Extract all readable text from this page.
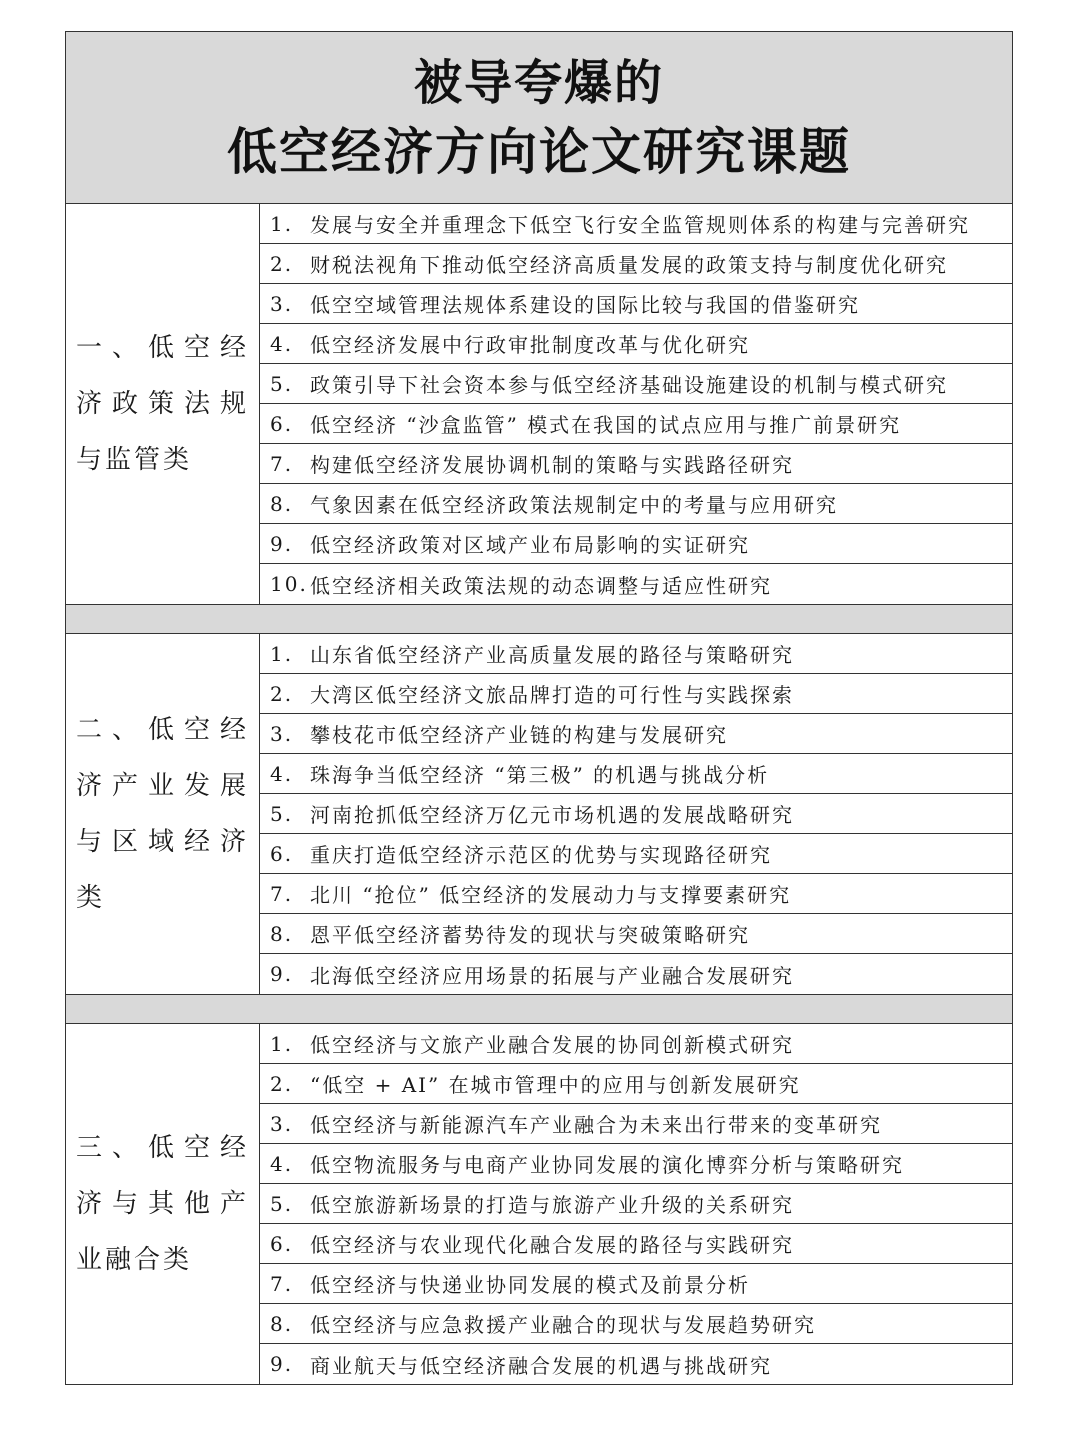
被导夸爆的
低空经济方向论文研究课题
一、低空经济政策法规与监管类
1. 发展与安全并重理念下低空飞行安全监管规则体系的构建与完善研究
2. 财税法视角下推动低空经济高质量发展的政策支持与制度优化研究
3. 低空空域管理法规体系建设的国际比较与我国的借鉴研究
4. 低空经济发展中行政审批制度改革与优化研究
5. 政策引导下社会资本参与低空经济基础设施建设的机制与模式研究
6. 低空经济 “沙盒监管” 模式在我国的试点应用与推广前景研究
7. 构建低空经济发展协调机制的策略与实践路径研究
8. 气象因素在低空经济政策法规制定中的考量与应用研究
9. 低空经济政策对区域产业布局影响的实证研究
10. 低空经济相关政策法规的动态调整与适应性研究
二、低空经济产业发展与区域经济类
1. 山东省低空经济产业高质量发展的路径与策略研究
2. 大湾区低空经济文旅品牌打造的可行性与实践探索
3. 攀枝花市低空经济产业链的构建与发展研究
4. 珠海争当低空经济 “第三极” 的机遇与挑战分析
5. 河南抢抓低空经济万亿元市场机遇的发展战略研究
6. 重庆打造低空经济示范区的优势与实现路径研究
7. 北川 “抢位” 低空经济的发展动力与支撑要素研究
8. 恩平低空经济蓄势待发的现状与突破策略研究
9. 北海低空经济应用场景的拓展与产业融合发展研究
三、低空经济与其他产业融合类
1. 低空经济与文旅产业融合发展的协同创新模式研究
2. “低空 + AI” 在城市管理中的应用与创新发展研究
3. 低空经济与新能源汽车产业融合为未来出行带来的变革研究
4. 低空物流服务与电商产业协同发展的演化博弈分析与策略研究
5. 低空旅游新场景的打造与旅游产业升级的关系研究
6. 低空经济与农业现代化融合发展的路径与实践研究
7. 低空经济与快递业协同发展的模式及前景分析
8. 低空经济与应急救援产业融合的现状与发展趋势研究
9. 商业航天与低空经济融合发展的机遇与挑战研究
